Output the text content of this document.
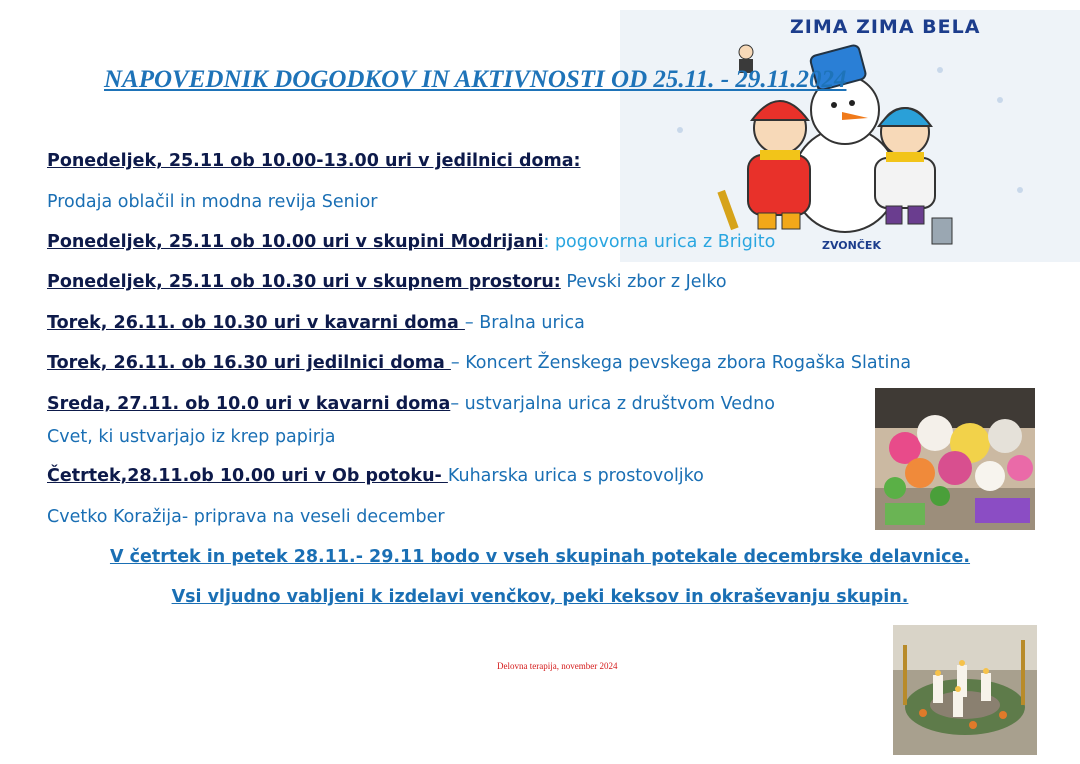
ZIMA ZIMA BELA
ZVONČEK
NAPOVEDNIK DOGODKOV IN AKTIVNOSTI OD 25.11. - 29.11.2024
Ponedeljek, 25.11 ob 10.00-13.00 uri v jedilnici doma:
Prodaja oblačil in modna revija Senior
Ponedeljek, 25.11 ob 10.00 uri v skupini Modrijani: pogovorna urica z Brigito
Ponedeljek, 25.11 ob 10.30 uri v skupnem prostoru: Pevski zbor z Jelko
Torek, 26.11. ob 10.30 uri v kavarni doma – Bralna urica
Torek, 26.11. ob 16.30 uri jedilnici doma – Koncert Ženskega pevskega zbora Rogaška Slatina
Sreda, 27.11. ob 10.0 uri v kavarni doma– ustvarjalna urica z društvom Vedno
Cvet, ki ustvarjajo iz krep papirja
Četrtek,28.11.ob 10.00 uri v Ob potoku- Kuharska urica s prostovoljko
Cvetko Koražija- priprava na veseli december
V četrtek in petek 28.11.- 29.11 bodo v vseh skupinah potekale decembrske delavnice.
Vsi vljudno vabljeni k izdelavi venčkov, peki keksov in okraševanju skupin.
Delovna terapija, november 2024
